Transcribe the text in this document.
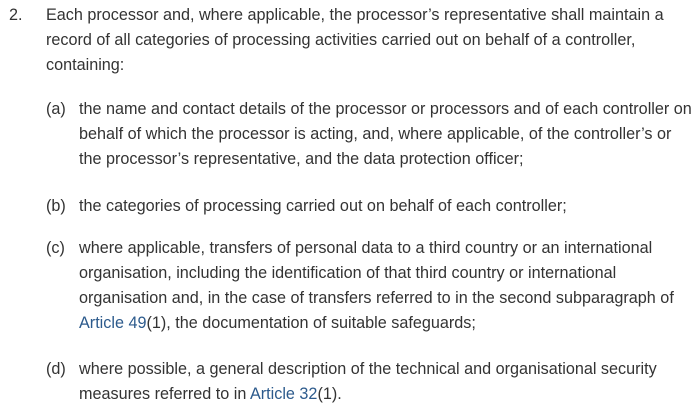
2. Each processor and, where applicable, the processor’s representative shall maintain a record of all categories of processing activities carried out on behalf of a controller, containing:
(a) the name and contact details of the processor or processors and of each controller on behalf of which the processor is acting, and, where applicable, of the controller’s or the processor’s representative, and the data protection officer;
(b) the categories of processing carried out on behalf of each controller;
(c) where applicable, transfers of personal data to a third country or an international organisation, including the identification of that third country or international organisation and, in the case of transfers referred to in the second subparagraph of Article 49(1), the documentation of suitable safeguards;
(d) where possible, a general description of the technical and organisational security measures referred to in Article 32(1).
